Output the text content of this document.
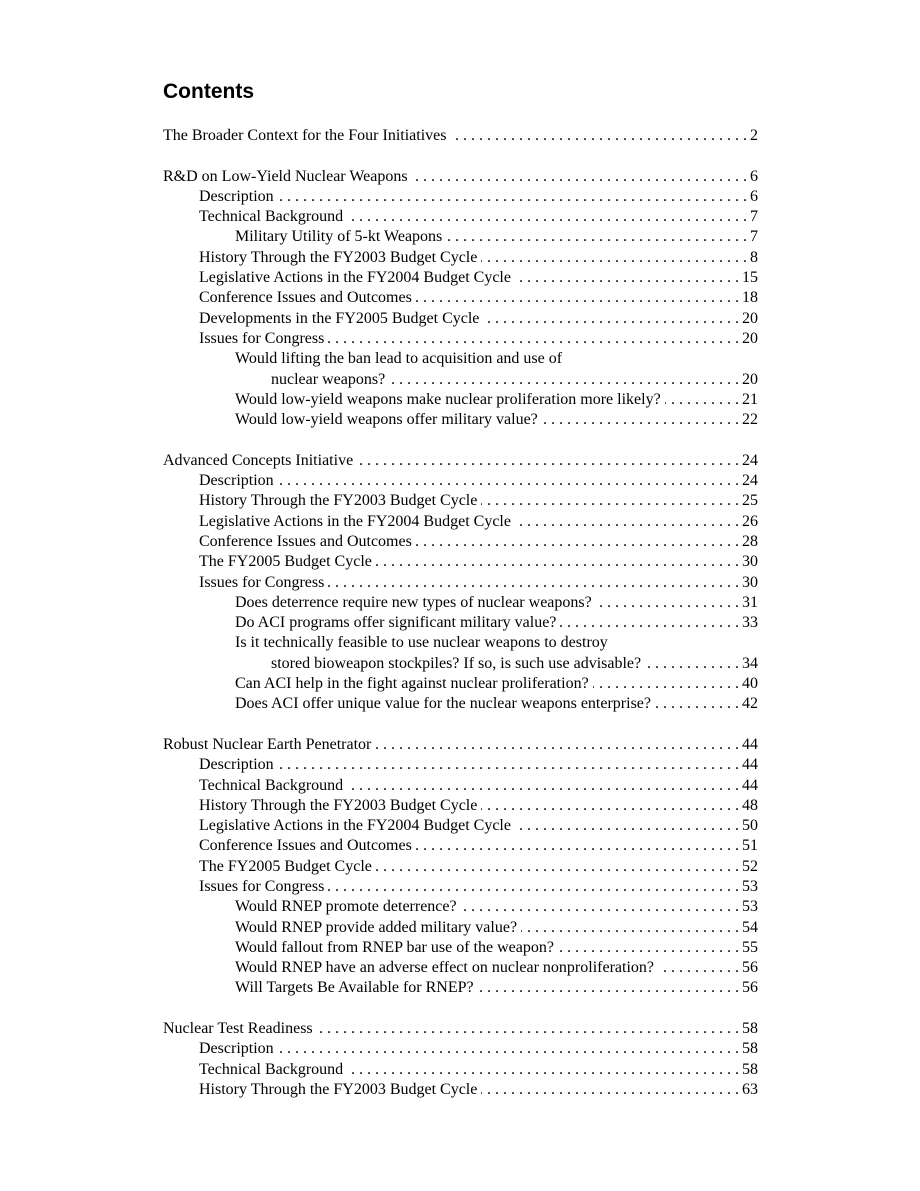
Contents
The Broader Context for the Four Initiatives . . .	2
R&D on Low-Yield Nuclear Weapons . . .	6
Description . . .	6
Technical Background . . .	7
Military Utility of 5-kt Weapons . . .	7
History Through the FY2003 Budget Cycle . . .	8
Legislative Actions in the FY2004 Budget Cycle . . .	15
Conference Issues and Outcomes . . .	18
Developments in the FY2005 Budget Cycle . . .	20
Issues for Congress . . .	20
Would lifting the ban lead to acquisition and use of
nuclear weapons? . . .	20
Would low-yield weapons make nuclear proliferation more likely? . . .	21
Would low-yield weapons offer military value? . . .	22
Advanced Concepts Initiative . . .	24
Description . . .	24
History Through the FY2003 Budget Cycle . . .	25
Legislative Actions in the FY2004 Budget Cycle . . .	26
Conference Issues and Outcomes . . .	28
The FY2005 Budget Cycle . . .	30
Issues for Congress . . .	30
Does deterrence require new types of nuclear weapons? . . .	31
Do ACI programs offer significant military value? . . .	33
Is it technically feasible to use nuclear weapons to destroy
stored bioweapon stockpiles? If so, is such use advisable? . . .	34
Can ACI help in the fight against nuclear proliferation? . . .	40
Does ACI offer unique value for the nuclear weapons enterprise? . . .	42
Robust Nuclear Earth Penetrator . . .	44
Description . . .	44
Technical Background . . .	44
History Through the FY2003 Budget Cycle . . .	48
Legislative Actions in the FY2004 Budget Cycle . . .	50
Conference Issues and Outcomes . . .	51
The FY2005 Budget Cycle . . .	52
Issues for Congress . . .	53
Would RNEP promote deterrence? . . .	53
Would RNEP provide added military value? . . .	54
Would fallout from RNEP bar use of the weapon? . . .	55
Would RNEP have an adverse effect on nuclear nonproliferation? . . .	56
Will Targets Be Available for RNEP? . . .	56
Nuclear Test Readiness . . .	58
Description . . .	58
Technical Background . . .	58
History Through the FY2003 Budget Cycle . . .	63
